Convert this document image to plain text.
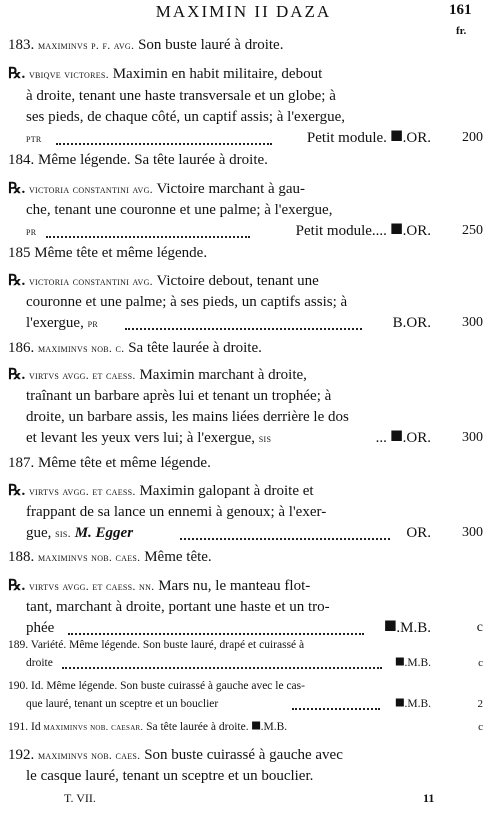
MAXIMIN II DAZA	161
fr.
183. maximinvs p. f. avg. Son buste lauré à droite.
℞. vbiqve victores. Maximin en habit militaire, debout
à droite, tenant une haste transversale et un globe; à
ses pieds, de chaque côté, un captif assis; à l'exergue,
ptr	Petit module. ⯀.OR. 200
184. Même légende. Sa tête laurée à droite.
℞. victoria constantini avg. Victoire marchant à gau-
che, tenant une couronne et une palme; à l'exergue,
pr	Petit module.... ⯀.OR. 250
185 Même tête et même légende.
℞. victoria constantini avg. Victoire debout, tenant une
couronne et une palme; à ses pieds, un captifs assis; à
l'exergue, pr	B.OR. 300
186. maximinvs nob. c. Sa tête laurée à droite.
℞. virtvs avgg. et caess. Maximin marchant à droite,
traînant un barbare après lui et tenant un trophée; à
droite, un barbare assis, les mains liées derrière le dos
et levant les yeux vers lui; à l'exergue, sis	... ⯀.OR. 300
187. Même tête et même légende.
℞. virtvs avgg. et caess. Maximin galopant à droite et
frappant de sa lance un ennemi à genoux; à l'exer-
gue, sis. M. Egger	OR. 300
188. maximinvs nob. caes. Même tête.
℞. virtvs avgg. et caess. nn. Mars nu, le manteau flot-
tant, marchant à droite, portant une haste et un tro-
phée	⯀.M.B.	c
189. Variété. Même légende. Son buste lauré, drapé et cuirassé à
droite	⯀.M.B.	c
190. Id. Même légende. Son buste cuirassé à gauche avec le cas-
que lauré, tenant un sceptre et un bouclier	⯀.M.B.	2
191. Id maximinvs nob. caesar. Sa tête laurée à droite. ⯀.M.B.	c
192. maximinvs nob. caes. Son buste cuirassé à gauche avec
le casque lauré, tenant un sceptre et un bouclier.
T. VII.	11
